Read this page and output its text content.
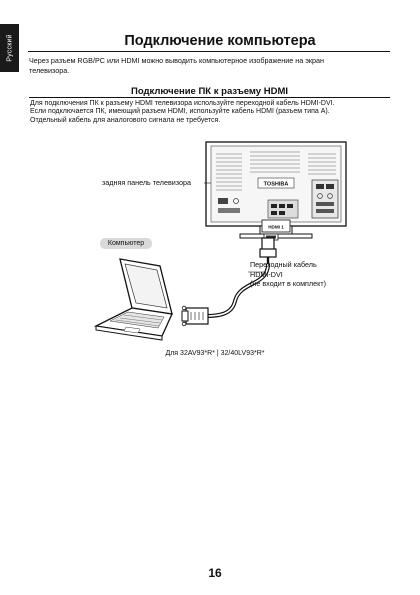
Русский	Подключение компьютера
Через разъем RGB/PC или HDMI можно выводить компьютерное изображение на экран телевизора.
Подключение ПК к разъему HDMI
Для подключения ПК к разъему HDMI телевизора используйте переходной кабель HDMI-DVI.
Если подключается ПК, имеющий разъем HDMI, используйте кабель HDMI (разъем типа A).
Отдельный кабель для аналогового сигнала не требуется.
TOSHIBA
HDMI 1
задняя панель телевизора
Компьютер
Переходный кабель
HDMI-DVI
(не входит в комплект)
Для 32AV93*R* | 32/40LV93*R*
16
